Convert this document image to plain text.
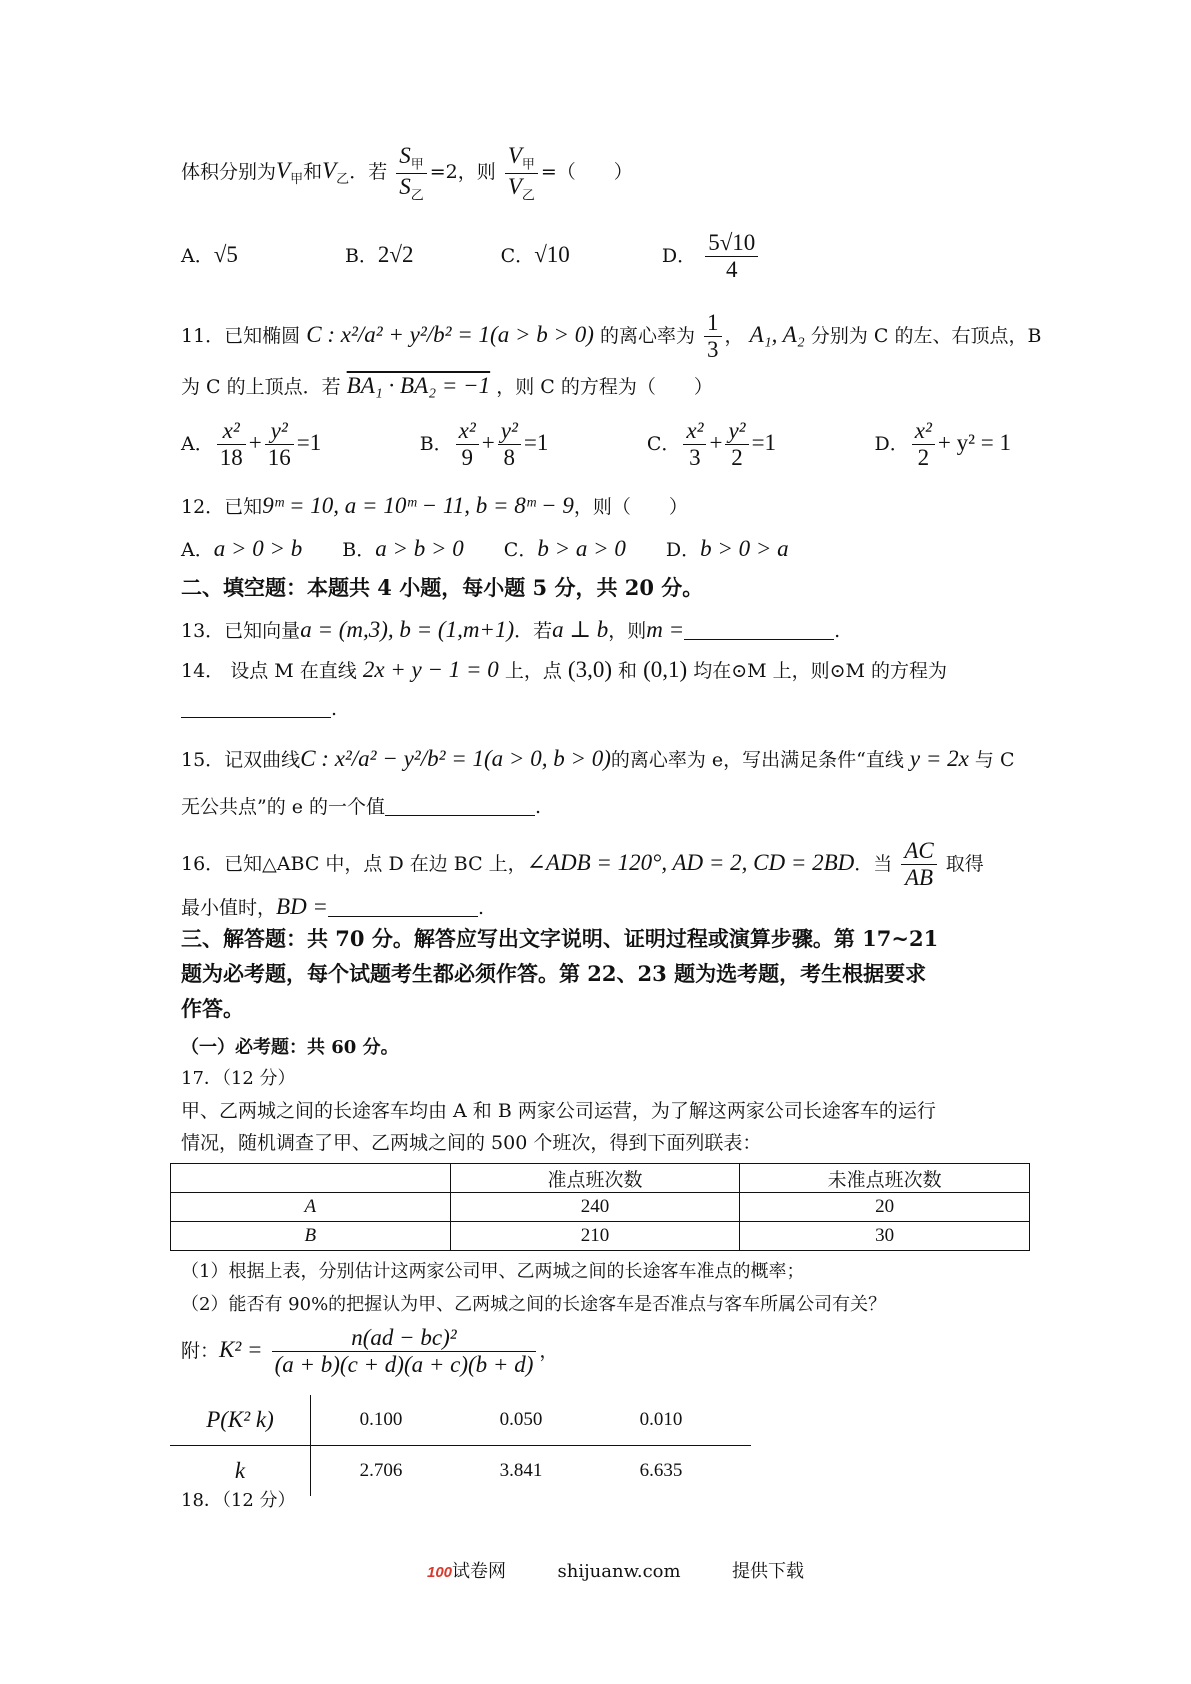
体积分别为$V_甲$和$V_乙$．若 $\frac{S_甲}{S_乙} =2$，则 $\frac{V_甲}{V_乙}$ =（　　）
A．√5	B．2√2	C．√10	D． $\frac{5√10}{4}$
11．已知椭圆 C : x²/a² + y²/b² = 1(a > b > 0) 的离心率为 $\frac{1}{3}$ ， A₁, A₂ 分别为 C 的左、右顶点，B
为 C 的上顶点．若 BA₁ · BA₂ = −1 ，则 C 的方程为（　　）
A． $\frac{\text{x²}}{18} + \frac{\text{y²}}{16} =1$	B． $\frac{\text{x²}}{9} + \frac{\text{y²}}{8} =1$	C． $\frac{\text{x²}}{3} + \frac{\text{y²}}{2} =1$	D． $\frac{\text{x²}}{2} + y^2 = 1$
12．已知9ᵐ = 10, a = 10ᵐ − 11, b = 8ᵐ − 9，则（　　）
A．a > 0 > b B．a > b > 0 C．b > a > 0 D．b > 0 > a
二、填空题：本题共 4 小题，每小题 5 分，共 20 分。
13．已知向量a = (m,3), b = (1,m+1)．若a ⊥ b，则m =	.
14． 设点 M 在直线 2x + y − 1 = 0 上，点 (3,0) 和 (0,1) 均在⊙M 上，则⊙M 的方程为
.
15．记双曲线C : x²/a² − y²/b² = 1(a > 0, b > 0)的离心率为 e，写出满足条件“直线 y = 2x 与 C
无公共点”的 e 的一个值	.
16．已知△ABC 中，点 D 在边 BC 上，∠ADB = 120°, AD = 2, CD = 2BD．当 $\frac{AC}{AB}$ 取得
最小值时，BD =	.
三、解答题：共 70 分。解答应写出文字说明、证明过程或演算步骤。第 17~21
题为必考题，每个试题考生都必须作答。第 22、23 题为选考题，考生根据要求
作答。
（一）必考题：共 60 分。
17．（12 分）
甲、乙两城之间的长途客车均由 A 和 B 两家公司运营，为了解这两家公司长途客车的运行
情况，随机调查了甲、乙两城之间的 500 个班次，得到下面列联表：
	准点班次数	未准点班次数
A	240	20
B	210	30
（1）根据上表，分别估计这两家公司甲、乙两城之间的长途客车准点的概率；
（2）能否有 90%的把握认为甲、乙两城之间的长途客车是否准点与客车所属公司有关？
附：$K^2 = \frac{\text{n(ad − bc)²}}{(a + b)(c + d)(a + c)(b + d)}$ ，
P(K² k)	0.100	0.050	0.010	
k	2.706	3.841	6.635	
18．（12 分）
100试卷网	shijuanw.com	提供下载
